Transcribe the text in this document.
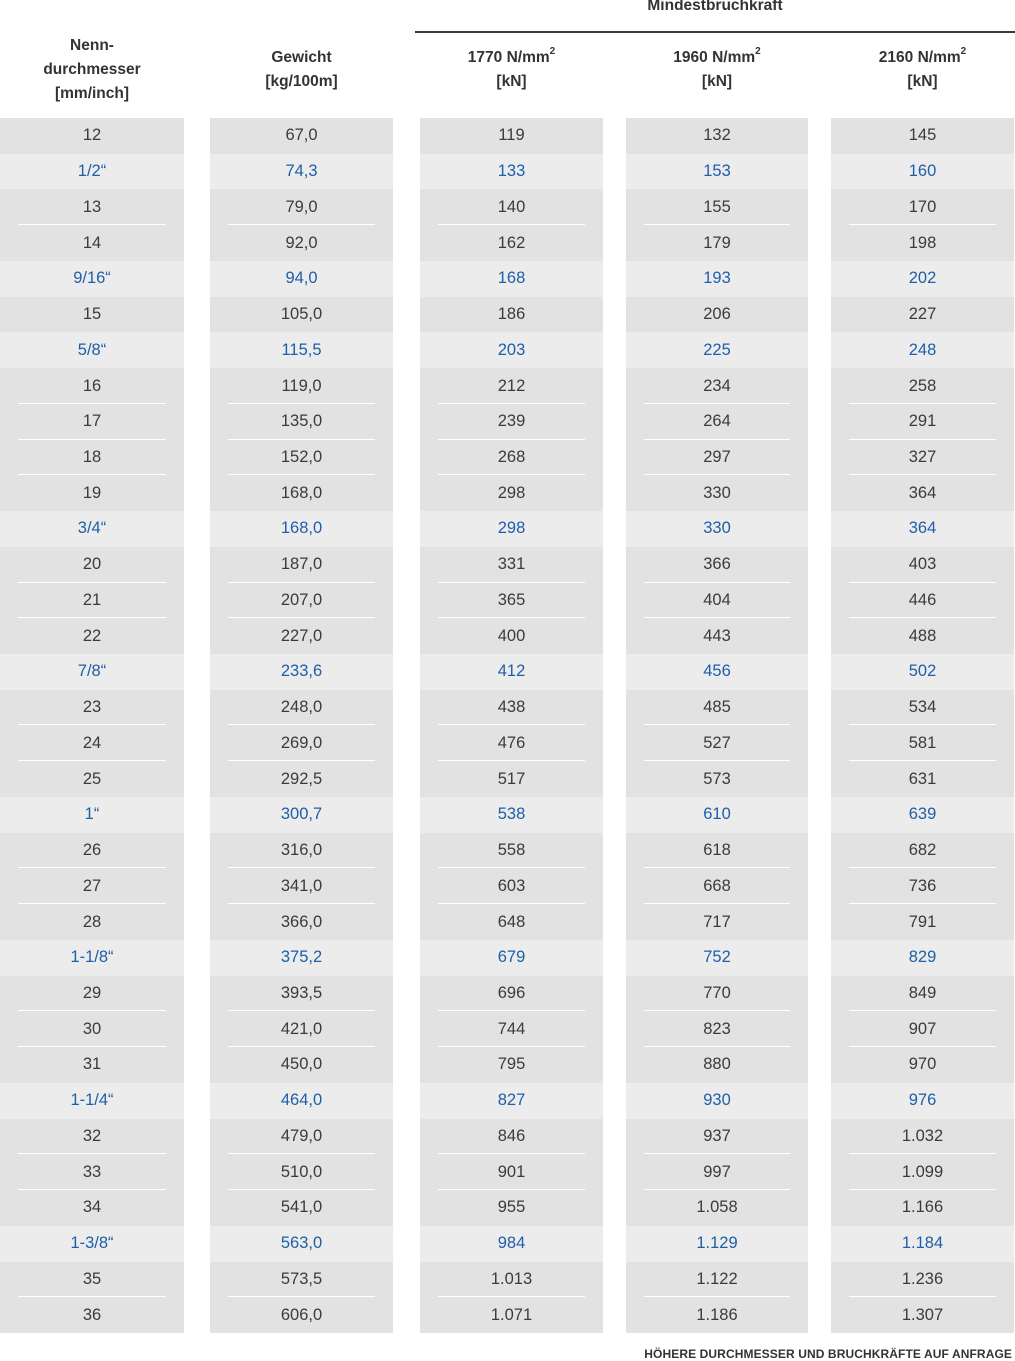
Mindestbruchkraft
Nenn-
durchmesser
[mm/inch]
Gewicht
[kg/100m]
1770 $N/mm^2$
[kN]
1960 $N/mm^2$
[kN]
2160 $N/mm^2$
[kN]
12
1/2“
13
14
9/16“
15
5/8“
16
17
18
19
3/4“
20
21
22
7/8“
23
24
25
1“
26
27
28
1-1/8“
29
30
31
1-1/4“
32
33
34
1-3/8“
35
36
67,0
74,3
79,0
92,0
94,0
105,0
115,5
119,0
135,0
152,0
168,0
168,0
187,0
207,0
227,0
233,6
248,0
269,0
292,5
300,7
316,0
341,0
366,0
375,2
393,5
421,0
450,0
464,0
479,0
510,0
541,0
563,0
573,5
606,0
119
133
140
162
168
186
203
212
239
268
298
298
331
365
400
412
438
476
517
538
558
603
648
679
696
744
795
827
846
901
955
984
1.013
1.071
132
153
155
179
193
206
225
234
264
297
330
330
366
404
443
456
485
527
573
610
618
668
717
752
770
823
880
930
937
997
1.058
1.129
1.122
1.186
145
160
170
198
202
227
248
258
291
327
364
364
403
446
488
502
534
581
631
639
682
736
791
829
849
907
970
976
1.032
1.099
1.166
1.184
1.236
1.307
HÖHERE DURCHMESSER UND BRUCHKRÄFTE AUF ANFRAGE
